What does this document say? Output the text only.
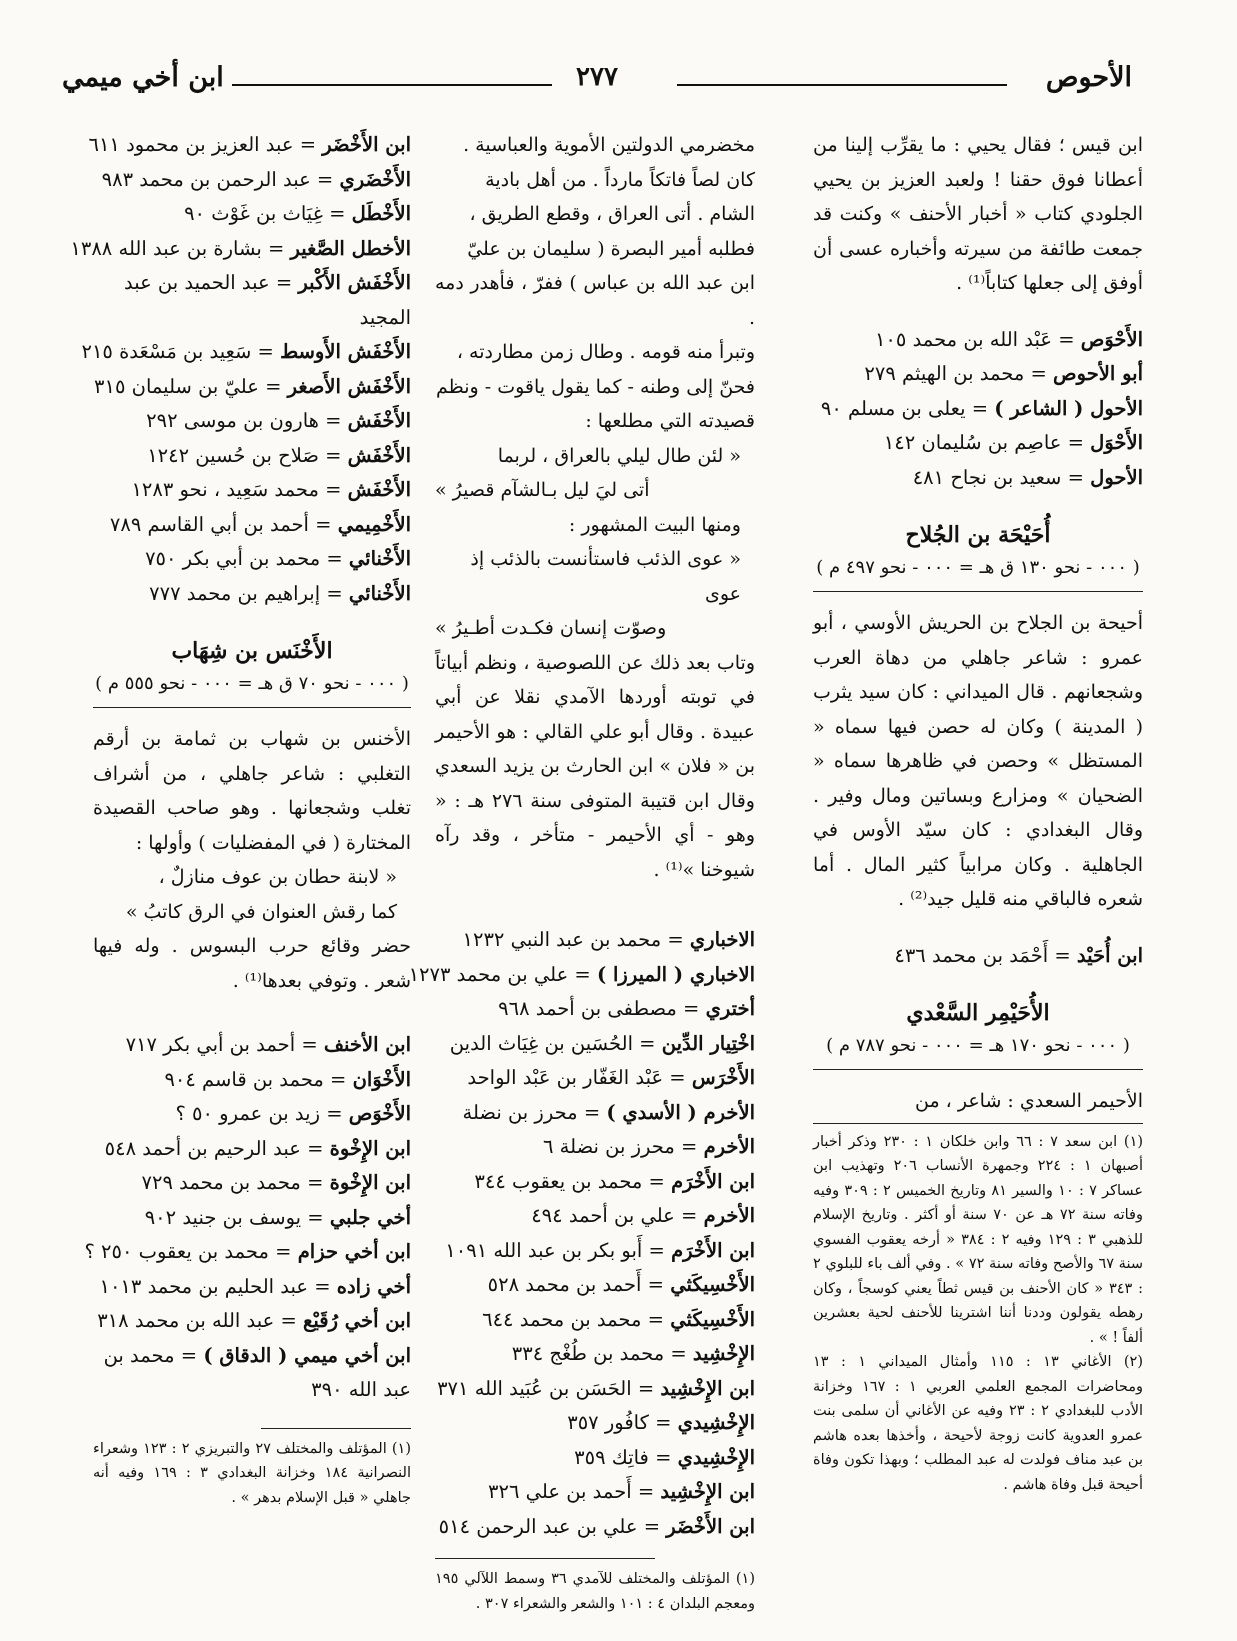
الأحوص
٢٧٧
ابن أخي ميمي

ابن قيس ؛ فقال يحيي : ما يقرِّب إلينا من أعطانا فوق حقنا ! ولعبد العزيز بن يحيي الجلودي كتاب « أخبار الأحنف » وكنت قد جمعت طائفة من سيرته وأخباره عسى أن أوفق إلى جعلها كتاباً⁽¹⁾ .

الأَحْوَص = عَبْد الله بن محمد ١٠٥
أبو الأحوص = محمد بن الهيثم ٢٧٩
الأحول ( الشاعر ) = يعلى بن مسلم ٩٠
الأَحْوَل = عاصِم بن سُليمان ١٤٢
الأحول = سعيد بن نجاح ٤٨١
أُحَيْحَة بن الجُلاح
( ٠٠٠ - نحو ١٣٠ ق هـ = ٠٠٠ - نحو ٤٩٧ م )

أحيحة بن الجلاح بن الحريش الأوسي ، أبو عمرو : شاعر جاهلي من دهاة العرب وشجعانهم . قال الميداني : كان سيد يثرب ( المدينة ) وكان له حصن فيها سماه « المستظل » وحصن في ظاهرها سماه « الضحيان » ومزارع وبساتين ومال وفير . وقال البغدادي : كان سيّد الأوس في الجاهلية . وكان مرابياً كثير المال . أما شعره فالباقي منه قليل جيد⁽²⁾ .

ابن أُحَيْد = أَحْمَد بن محمد ٤٣٦
الأُحَيْمِر السَّعْدي
( ٠٠٠ - نحو ١٧٠ هـ = ٠٠٠ - نحو ٧٨٧ م )

الأحيمر السعدي : شاعر ، من

(١) ابن سعد ٧ : ٦٦ وابن خلكان ١ : ٢٣٠ وذكر أخبار أصبهان ١ : ٢٢٤ وجمهرة الأنساب ٢٠٦ وتهذيب ابن عساكر ٧ : ١٠ والسير ٨١ وتاريخ الخميس ٢ : ٣٠٩ وفيه وفاته سنة ٧٢ هـ عن ٧٠ سنة أو أكثر . وتاريخ الإسلام للذهبي ٣ : ١٢٩ وفيه ٢ : ٣٨٤ « أرخه يعقوب الفسوي سنة ٦٧ والأصح وفاته سنة ٧٢ » . وفي ألف باء للبلوي ٢ : ٣٤٣ « كان الأحنف بن قيس ثطاً يعني كوسجاً ، وكان رهطه يقولون وددنا أننا اشترينا للأحنف لحية بعشرين ألفاً ! » .

(٢) الأغاني ١٣ : ١١٥ وأمثال الميداني ١ : ١٣ ومحاضرات المجمع العلمي العربي ١ : ١٦٧ وخزانة الأدب للبغدادي ٢ : ٢٣ وفيه عن الأغاني أن سلمى بنت عمرو العدوية كانت زوجة لأحيحة ، وأخذها بعده هاشم بن عبد مناف فولدت له عبد المطلب ؛ وبهذا تكون وفاة أحيحة قبل وفاة هاشم .

مخضرمي الدولتين الأموية والعباسية .
كان لصاً فاتكاً مارداً . من أهل بادية
الشام . أتى العراق ، وقطع الطريق ،
فطلبه أمير البصرة ( سليمان بن عليّ
ابن عبد الله بن عباس ) ففرّ ، فأهدر دمه .
وتبرأ منه قومه . وطال زمن مطاردته ،
فحنّ إلى وطنه - كما يقول ياقوت - ونظم
قصيدته التي مطلعها :
« لئن طال ليلي بالعراق ، لربما
أتى ليَ ليل بـالشآم قصيرُ »
ومنها البيت المشهور :
« عوى الذئب فاستأنست بالذئب إذ عوى
وصوّت إنسان فكـدت أطـيرُ »

وتاب بعد ذلك عن اللصوصية ، ونظم أبياتاً في توبته أوردها الآمدي نقلا عن أبي عبيدة . وقال أبو علي القالي : هو الأحيمر بن « فلان » ابن الحارث بن يزيد السعدي وقال ابن قتيبة المتوفى سنة ٢٧٦ هـ : « وهو - أي الأحيمر - متأخر ، وقد رآه شيوخنا »⁽¹⁾ .

الاخباري = محمد بن عبد النبي ١٢٣٢
الاخباري ( الميرزا ) = علي بن محمد ١٢٧٣
أختري = مصطفى بن أحمد ٩٦٨
اخْتِيار الدِّين = الحُسَين بن غِيَاث الدين
الأَخْرَس = عَبْد الغَفّار بن عَبْد الواحد
الأخرم ( الأسدي ) = محرز بن نضلة
الأخرم = محرز بن نضلة ٦
ابن الأَخْرَم = محمد بن يعقوب ٣٤٤
الأخرم = علي بن أحمد ٤٩٤
ابن الأَخْرَم = أَبو بكر بن عبد الله ١٠٩١
الأَخْسِيكَثي = أَحمد بن محمد ٥٢٨
الأَخْسِيكَثي = محمد بن محمد ٦٤٤
الإِخْشِيد = محمد بن طُغْج ٣٣٤
ابن الإِخْشِيد = الحَسَن بن عُبَيد الله ٣٧١
الإِخْشِيدي = كافُور ٣٥٧
الإِخْشِيدي = فاتِك ٣٥٩
ابن الإِخْشِيد = أَحمد بن علي ٣٢٦
ابن الأَخْضَر = علي بن عبد الرحمن ٥١٤

(١) المؤتلف والمختلف للآمدي ٣٦ وسمط اللآلي ١٩٥ ومعجم البلدان ٤ : ١٠١ والشعر والشعراء ٣٠٧ .

ابن الأَخْضَر = عبد العزيز بن محمود ٦١١
الأَخْضَري = عبد الرحمن بن محمد ٩٨٣
الأَخْطَل = غِيَاث بن غَوْث ٩٠
الأخطل الصَّغير = بشارة بن عبد الله ١٣٨٨
الأَخْفَش الأَكْبر = عبد الحميد بن عبد
المجيد
الأَخْفَش الأَوسط = سَعِيد بن مَسْعَدة ٢١٥
الأَخْفَش الأَصغر = عليّ بن سليمان ٣١٥
الأَخْفَش = هارون بن موسى ٢٩٢
الأَخْفَش = صَلاح بن حُسين ١٢٤٢
الأَخْفَش = محمد سَعِيد ، نحو ١٢٨٣
الأَخْمِيمي = أحمد بن أبي القاسم ٧٨٩
الأَخْنائي = محمد بن أبي بكر ٧٥٠
الأَخْنائي = إبراهيم بن محمد ٧٧٧
الأَخْنَس بن شِهَاب
( ٠٠٠ - نحو ٧٠ ق هـ = ٠٠٠ - نحو ٥٥٥ م )

الأخنس بن شهاب بن ثمامة بن أرقم التغلبي : شاعر جاهلي ، من أشراف تغلب وشجعانها . وهو صاحب القصيدة المختارة ( في المفضليات ) وأولها :

« لابنة حطان بن عوف منازلٌ ،
كما رقش العنوان في الرق كاتبُ »

حضر وقائع حرب البسوس . وله فيها شعر . وتوفي بعدها⁽¹⁾ .

ابن الأخنف = أحمد بن أبي بكر ٧١٧
الأَخْوَان = محمد بن قاسم ٩٠٤
الأَخْوَص = زيد بن عمرو ٥٠ ؟
ابن الإِخْوة = عبد الرحيم بن أحمد ٥٤٨
ابن الإِخْوة = محمد بن محمد ٧٢٩
أخي جلبي = يوسف بن جنيد ٩٠٢
ابن أخي حزام = محمد بن يعقوب ٢٥٠ ؟
أخي زاده = عبد الحليم بن محمد ١٠١٣
ابن أخي رُقَيْع = عبد الله بن محمد ٣١٨
ابن أخي ميمي ( الدقاق ) = محمد بن
عبد الله ٣٩٠

(١) المؤتلف والمختلف ٢٧ والتبريزي ٢ : ١٢٣ وشعراء النصرانية ١٨٤ وخزانة البغدادي ٣ : ١٦٩ وفيه أنه جاهلي « قبل الإسلام بدهر » .
